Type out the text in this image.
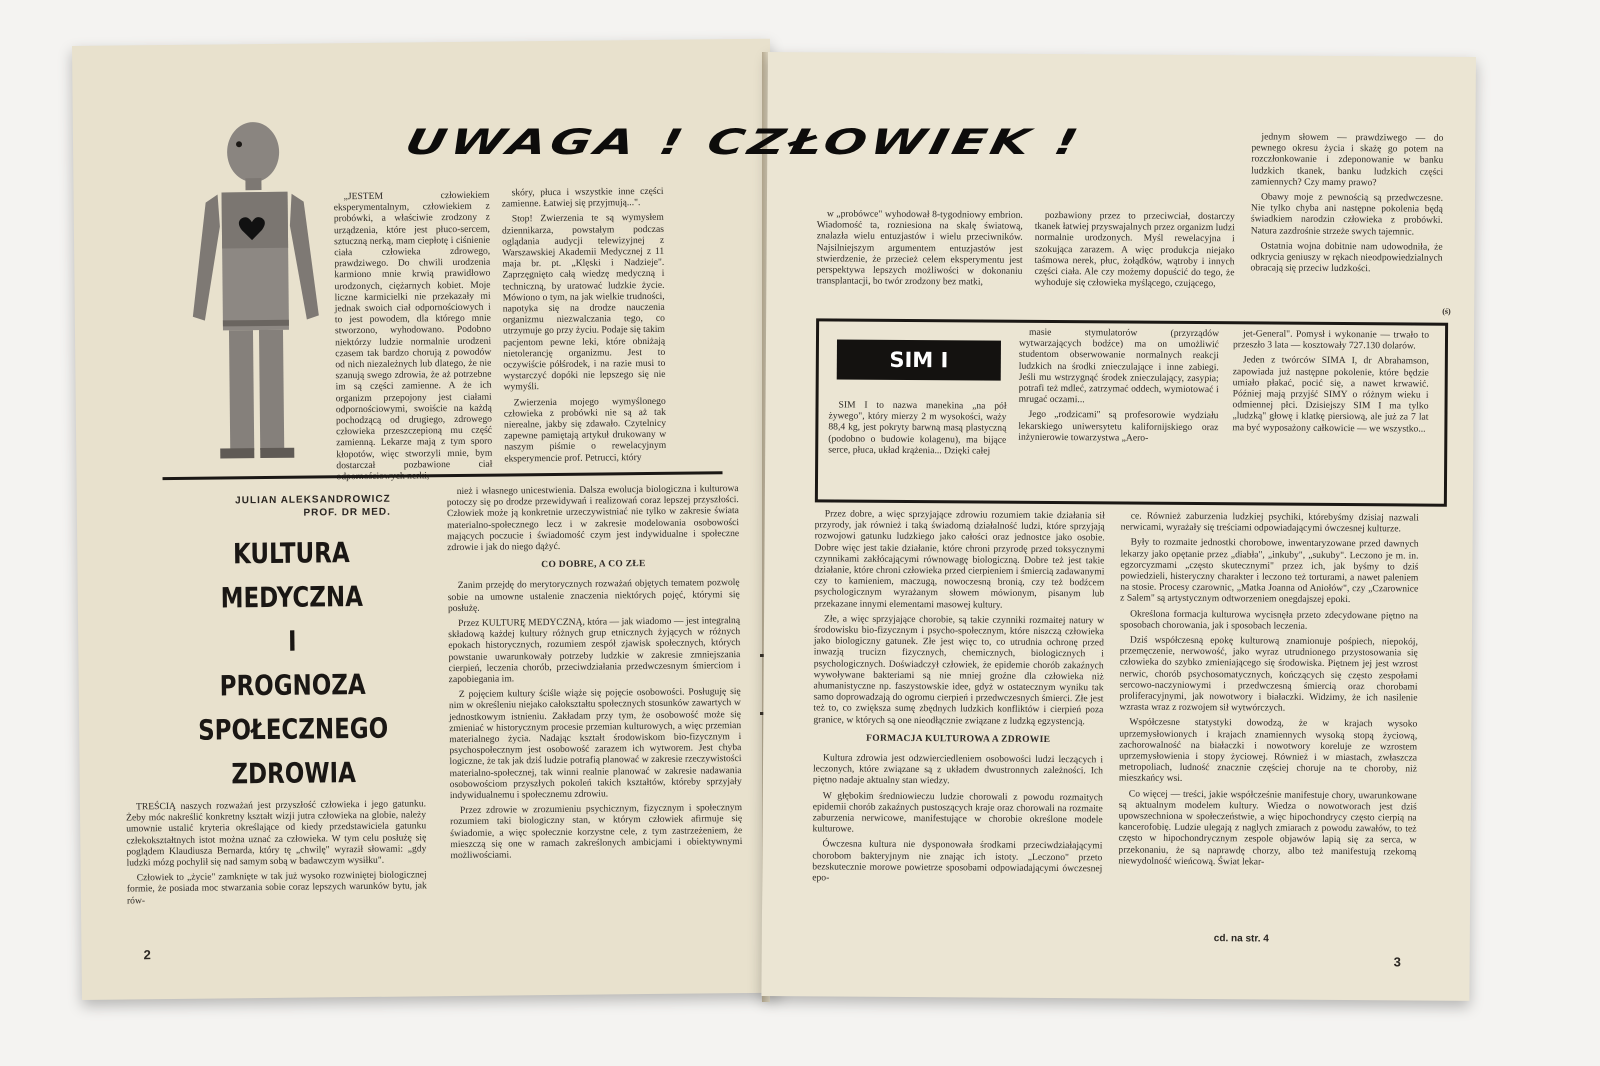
„JESTEM człowiekiem eksperymentalnym, człowiekiem z probówki, a właściwie zrodzony z urządzenia, które jest płuco-sercem, sztuczną nerką, mam ciepłotę i ciśnienie ciała człowieka zdrowego, prawdziwego. Do chwili urodzenia karmiono mnie krwią prawidłowo urodzonych, ciężarnych kobiet. Moje liczne karmicielki nie przekazały mi jednak swoich ciał odpornościowych i to jest powodem, dla którego mnie stworzono, wyhodowano. Podobno niektórzy ludzie normalnie urodzeni czasem tak bardzo chorują z powodów od nich niezależnych lub dlatego, że nie szanują swego zdrowia, że aż potrzebne im są części zamienne. A że ich organizm przepojony jest ciałami odpornościowymi, swoiście na każdą pochodzącą od drugiego, zdrowego człowieka przeszczepioną mu część zamienną. Lekarze mają z tym sporo kłopotów, więc stworzyli mnie, bym dostarczał pozbawione ciał

skóry, płuca i wszystkie inne części zamienne. Łatwiej się przyjmują...".

Stop! Zwierzenia te są wymysłem dziennikarza, powstałym podczas oglądania audycji telewizyjnej z Warszawskiej Akademii Medycznej z 11 maja br. pt. „Klęski i Nadzieje". Zaprzęgnięto całą wiedzę medyczną i techniczną, by uratować ludzkie życie. Mówiono o tym, na jak wielkie trudności, napotyka się na drodze nauczenia organizmu niezwalczania tego, co utrzymuje go przy życiu. Podaje się takim pacjentom pewne leki, które obniżają nietolerancję organizmu. Jest to oczywiście półśrodek, i na razie musi to wystarczyć dopóki nie lepszego się nie wymyśli.

Zwierzenia mojego wymyślonego człowieka z probówki nie są aż tak nierealne, jakby się zdawało. Czytelnicy zapewne pamiętają artykuł drukowany w naszym piśmie o rewelacyjnym eksperymencie prof. Petrucci, który

JULIAN ALEKSANDROWICZ
PROF. DR MED.
KULTURA
MEDYCZNA
I
PROGNOZA
SPOŁECZNEGO
ZDROWIA

TREŚCIĄ naszych rozważań jest przyszłość człowieka i jego gatunku. Żeby móc nakreślić konkretny kształt wizji jutra człowieka na globie, należy umownie ustalić kryteria określające od kiedy przedstawiciela gatunku człekokształtnych istot można uznać za człowieka. W tym celu posłużę się poglądem Klaudiusza Bernarda, który tę „chwilę" wyraził słowami: „gdy ludzki mózg pochylił się nad samym sobą w badawczym wysiłku".

Człowiek to „życie" zamknięte w tak już wysoko rozwiniętej biologicznej formie, że posiada moc stwarzania sobie coraz lepszych warunków bytu, jak rów-

nież i własnego unicestwienia. Dalsza ewolucja biologiczna i kulturowa potoczy się po drodze przewidywań i realizowań coraz lepszej przyszłości. Człowiek może ją konkretnie urzeczywistniać nie tylko w zakresie świata materialno-społecznego lecz i w zakresie modelowania osobowości mających poczucie i świadomość czym jest indywidualne i społeczne zdrowie i jak do niego dążyć.

CO DOBRE, A CO ZŁE

Zanim przejdę do merytorycznych rozważań objętych tematem pozwolę sobie na umowne ustalenie znaczenia niektórych pojęć, którymi się posłużę.

Przez KULTURĘ MEDYCZNĄ, która — jak wiadomo — jest integralną składową każdej kultury różnych grup etnicznych żyjących w różnych epokach historycznych, rozumiem zespół zjawisk społecznych, których powstanie uwarunkowały potrzeby ludzkie w zakresie zmniejszania cierpień, leczenia chorób, przeciwdziałania przedwczesnym śmierciom i zapobiegania im.

Z pojęciem kultury ściśle wiąże się pojęcie osobowości. Posługuję się nim w określeniu niejako całokształtu społecznych stosunków zawartych w jednostkowym istnieniu. Zakładam przy tym, że osobowość może się zmieniać w historycznym procesie przemian kulturowych, a więc przemian materialnego życia. Nadając kształt środowiskom bio-fizycznym i psychospołecznym jest osobowość zarazem ich wytworem. Jest chyba logiczne, że tak jak dziś ludzie potrafią planować w zakresie rzeczywistości materialno-społecznej, tak winni realnie planować w zakresie nadawania osobowościom przyszłych pokoleń takich kształtów, któreby sprzyjały indywidualnemu i społecznemu zdrowiu.

Przez zdrowie w zrozumieniu psychicznym, fizycznym i społecznym rozumiem taki biologiczny stan, w którym człowiek afirmuje się świadomie, a więc społecznie korzystne cele, z tym zastrzeżeniem, że mieszczą się one w ramach zakreślonych ambicjami i obiektywnymi możliwościami.

2

w „probówce" wyhodował 8-tygodniowy embrion. Wiadomość ta, rozniesiona na skalę światową, znalazła wielu entuzjastów i wielu przeciwników. Najsilniejszym argumentem entuzjastów jest stwierdzenie, że przecież celem eksperymentu jest perspektywa lepszych możliwości w dokonaniu transplantacji, bo twór zrodzony bez matki,

pozbawiony przez to przeciwciał, dostarczy tkanek łatwiej przyswajalnych przez organizm ludzi normalnie urodzonych. Myśl rewelacyjna i szokująca zarazem. A więc produkcja niejako taśmowa nerek, płuc, żołądków, wątroby i innych części ciała. Ale czy możemy dopuścić do tego, że wyhoduje się człowieka myślącego, czującego,

jednym słowem — prawdziwego — do pewnego okresu życia i skażę go potem na rozczłonkowanie i zdeponowanie w banku ludzkich tkanek, banku ludzkich części zamiennych? Czy mamy prawo?

Obawy moje z pewnością są przedwczesne. Nie tylko chyba ani następne pokolenia będą świadkiem narodzin człowieka z probówki. Natura zazdrośnie strzeże swych tajemnic.

Ostatnia wojna dobitnie nam udowodniła, że odkrycia geniuszy w rękach nieodpowiedzialnych obracają się przeciw ludzkości.

(ś)
SIM I

SIM I to nazwa manekina „na pół żywego", który mierzy 2 m wysokości, waży 88,4 kg, jest pokryty barwną masą plastyczną (podobno o budowie kolagenu), ma bijące serce, płuca, układ krążenia... Dzięki całej

masie stymulatorów (przyrządów wytwarzających bodźce) ma on umożliwić studentom obserwowanie normalnych reakcji ludzkich na środki znieczulające i inne zabiegi. Jeśli mu wstrzygnąć środek znieczulający, zasypia; potrafi też mdleć, zatrzymać oddech, wymiotować i mrugać oczami...

Jego „rodzicami" są profesorowie wydziału lekarskiego uniwersytetu kalifornijskiego oraz inżynierowie towarzystwa „Aero-

jet-General". Pomysł i wykonanie — trwało to przeszło 3 lata — kosztowały 727.130 dolarów.

Jeden z twórców SIMA I, dr Abrahamson, zapowiada już następne pokolenie, które będzie umiało płakać, pocić się, a nawet krwawić. Później mają przyjść SIMY o różnym wieku i odmiennej płci. Dzisiejszy SIM I ma tylko „ludzką" głowę i klatkę piersiową, ale już za 7 lat ma być wyposażony całkowicie — we wszystko...

Przez dobre, a więc sprzyjające zdrowiu rozumiem takie działania sił przyrody, jak również i taką świadomą działalność ludzi, które sprzyjają rozwojowi gatunku ludzkiego jako całości oraz jednostce jako osobie. Dobre więc jest takie działanie, które chroni przyrodę przed toksycznymi czynnikami zakłócającymi równowagę biologiczną. Dobre też jest takie działanie, które chroni człowieka przed cierpieniem i śmiercią zadawanymi czy to kamieniem, maczugą, nowoczesną bronią, czy też bodźcem psychologicznym wyrażanym słowem mówionym, pisanym lub przekazane innymi elementami masowej kultury.

Złe, a więc sprzyjające chorobie, są takie czynniki rozmaitej natury w środowisku bio-fizycznym i psycho-społecznym, które niszczą człowieka jako biologiczny gatunek. Złe jest więc to, co utrudnia ochronę przed inwazją trucizn fizycznych, chemicznych, biologicznych i psychologicznych. Doświadczył człowiek, że epidemie chorób zakaźnych wywoływane bakteriami są nie mniej groźne dla człowieka niż ahumanistyczne np. faszystowskie idee, gdyż w ostatecznym wyniku tak samo doprowadzają do ogromu cierpień i przedwczesnych śmierci. Złe jest też to, co zwiększa sumę zbędnych ludzkich konfliktów i cierpień poza granice, w których są one nieodłącznie związane z ludzką egzystencją.

FORMACJA KULTUROWA A ZDROWIE

Kultura zdrowia jest odzwierciedleniem osobowości ludzi leczących i leczonych, które związane są z układem dwustronnych zależności. Ich piętno nadaje aktualny stan wiedzy.

W głębokim średniowieczu ludzie chorowali z powodu rozmaitych epidemii chorób zakaźnych pustoszących kraje oraz chorowali na rozmaite zaburzenia nerwicowe, manifestujące w chorobie określone modele kulturowe.

Ówczesna kultura nie dysponowała środkami przeciwdziałającymi chorobom bakteryjnym nie znając ich istoty. „Leczono" przeto bezskutecznie morowe powietrze sposobami odpowiadającymi ówczesnej epo-

ce. Również zaburzenia ludzkiej psychiki, którebyśmy dzisiaj nazwali nerwicami, wyrażały się treściami odpowiadającymi ówczesnej kulturze.

Były to rozmaite jednostki chorobowe, inwentaryzowane przed dawnych lekarzy jako opętanie przez „diabła", „inkuby", „sukuby". Leczono je m. in. egzorcyzmami „często skutecznymi" przez ich, jak byśmy to dziś powiedzieli, histeryczny charakter i leczono też torturami, a nawet paleniem na stosie. Procesy czarownic, „Matka Joanna od Aniołów", czy „Czarownice z Salem" są artystycznym odtworzeniem onegdajszej epoki.

Określona formacja kulturowa wycisnęła przeto zdecydowane piętno na sposobach chorowania, jak i sposobach leczenia.

Dziś współczesną epokę kulturową znamionuje pośpiech, niepokój, przemęczenie, nerwowość, jako wyraz utrudnionego przystosowania się człowieka do szybko zmieniającego się środowiska. Piętnem jej jest wzrost nerwic, chorób psychosomatycznych, kończących się często zespołami sercowo-naczyniowymi i przedwczesną śmiercią oraz chorobami proliferacyjnymi, jak nowotwory i białaczki. Widzimy, że ich nasilenie wzrasta wraz z rozwojem sił wytwórczych.

Współczesne statystyki dowodzą, że w krajach wysoko uprzemysłowionych i krajach znamiennych wysoką stopą życiową, zachorowalność na białaczki i nowotwory koreluje ze wzrostem uprzemysłowienia i stopy życiowej. Również i w miastach, zwłaszcza metropoliach, ludność znacznie częściej choruje na te choroby, niż mieszkańcy wsi.

Co więcej — treści, jakie współcześnie manifestuje chory, uwarunkowane są aktualnym modelem kultury. Wiedza o nowotworach jest dziś upowszechniona w społeczeństwie, a więc hipochondrycy często cierpią na kancerofobię. Ludzie ulegają z naglych zmiarach z powodu zawałów, to też często w hipochondrycznym zespole objawów lapią się za serca, w przekonaniu, że są naprawdę chorzy, albo też manifestują rzekomą niewydolność wieńcową. Świat lekar-

cd. na str. 4
3
UWAGA ! CZŁOWIEK !
